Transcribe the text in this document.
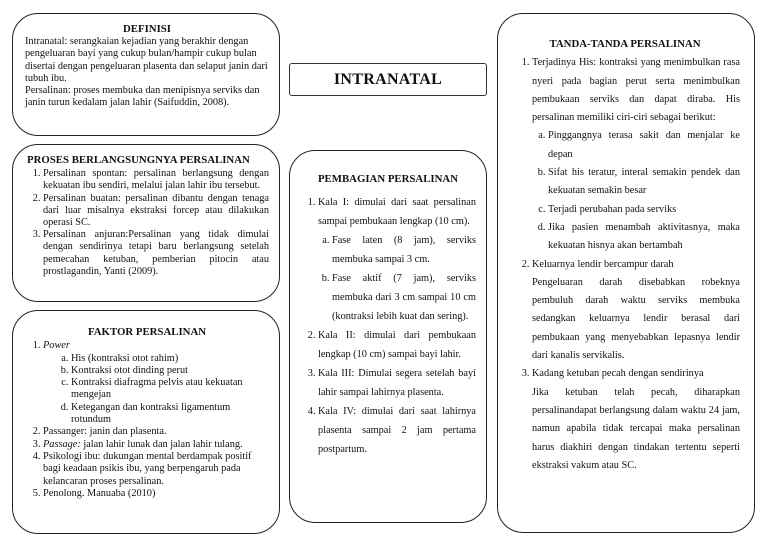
DEFINISI

Intranatal: serangkaian kejadian yang berakhir dengan pengeluaran bayi yang cukup bulan/hampir cukup bulan disertai dengan pengeluaran plasenta dan selaput janin dari tubuh ibu.

Persalinan: proses membuka dan menipisnya serviks dan janin turun kedalam jalan lahir (Saifuddin, 2008).

PROSES BERLANGSUNGNYA PERSALINAN
1. Persalinan spontan: persalinan berlangsung dengan kekuatan ibu sendiri, melalui jalan lahir ibu tersebut.
2. Persalinan buatan: persalinan dibantu dengan tenaga dari luar misalnya ekstraksi forcep atau dilakukan operasi SC.
3. Persalinan anjuran:Persalinan yang tidak dimulai dengan sendirinya tetapi baru berlangsung setelah pemecahan ketuban, pemberian pitocin atau prostlagandin, Yanti (2009).
FAKTOR PERSALINAN
1. Power
a. His (kontraksi otot rahim)
b. Kontraksi otot dinding perut
c. Kontraksi diafragma pelvis atau kekuatan mengejan
d. Ketegangan dan kontraksi ligamentum rotundum
2. Passanger: janin dan plasenta.
3. Passage: jalan lahir lunak dan jalan lahir tulang.
4. Psikologi ibu: dukungan mental berdampak positif bagi keadaan psikis ibu, yang berpengaruh pada kelancaran proses persalinan.
5. Penolong. Manuaba (2010)
INTRANATAL
PEMBAGIAN PERSALINAN
1. Kala I: dimulai dari saat persalinan sampai pembukaan lengkap (10 cm).
a. Fase laten (8 jam), serviks membuka sampai 3 cm.
b. Fase aktif (7 jam), serviks membuka dari 3 cm sampai 10 cm (kontraksi lebih kuat dan sering).
2. Kala II: dimulai dari pembukaan lengkap (10 cm) sampai bayi lahir.
3. Kala III: Dimulai segera setelah bayi lahir sampai lahirnya plasenta.
4. Kala IV: dimulai dari saat lahirnya plasenta sampai 2 jam pertama postpartum.
TANDA-TANDA PERSALINAN
1. Terjadinya His: kontraksi yang menimbulkan rasa nyeri pada bagian perut serta menimbulkan pembukaan serviks dan dapat diraba. His persalinan memiliki ciri-ciri sebagai berikut:
a. Pinggangnya terasa sakit dan menjalar ke depan
b. Sifat his teratur, interal semakin pendek dan kekuatan semakin besar
c. Terjadi perubahan pada serviks
d. Jika pasien menambah aktivitasnya, maka kekuatan hisnya akan bertambah
2. Keluarnya lendir bercampur darah

Pengeluaran darah disebabkan robeknya pembuluh darah waktu serviks membuka sedangkan keluarnya lendir berasal dari pembukaan yang menyebabkan lepasnya lendir dari kanalis servikalis.

3. Kadang ketuban pecah dengan sendirinya

Jika ketuban telah pecah, diharapkan persalinandapat berlangsung dalam waktu 24 jam, namun apabila tidak tercapai maka persalinan harus diakhiri dengan tindakan tertentu seperti ekstraksi vakum atau SC.
